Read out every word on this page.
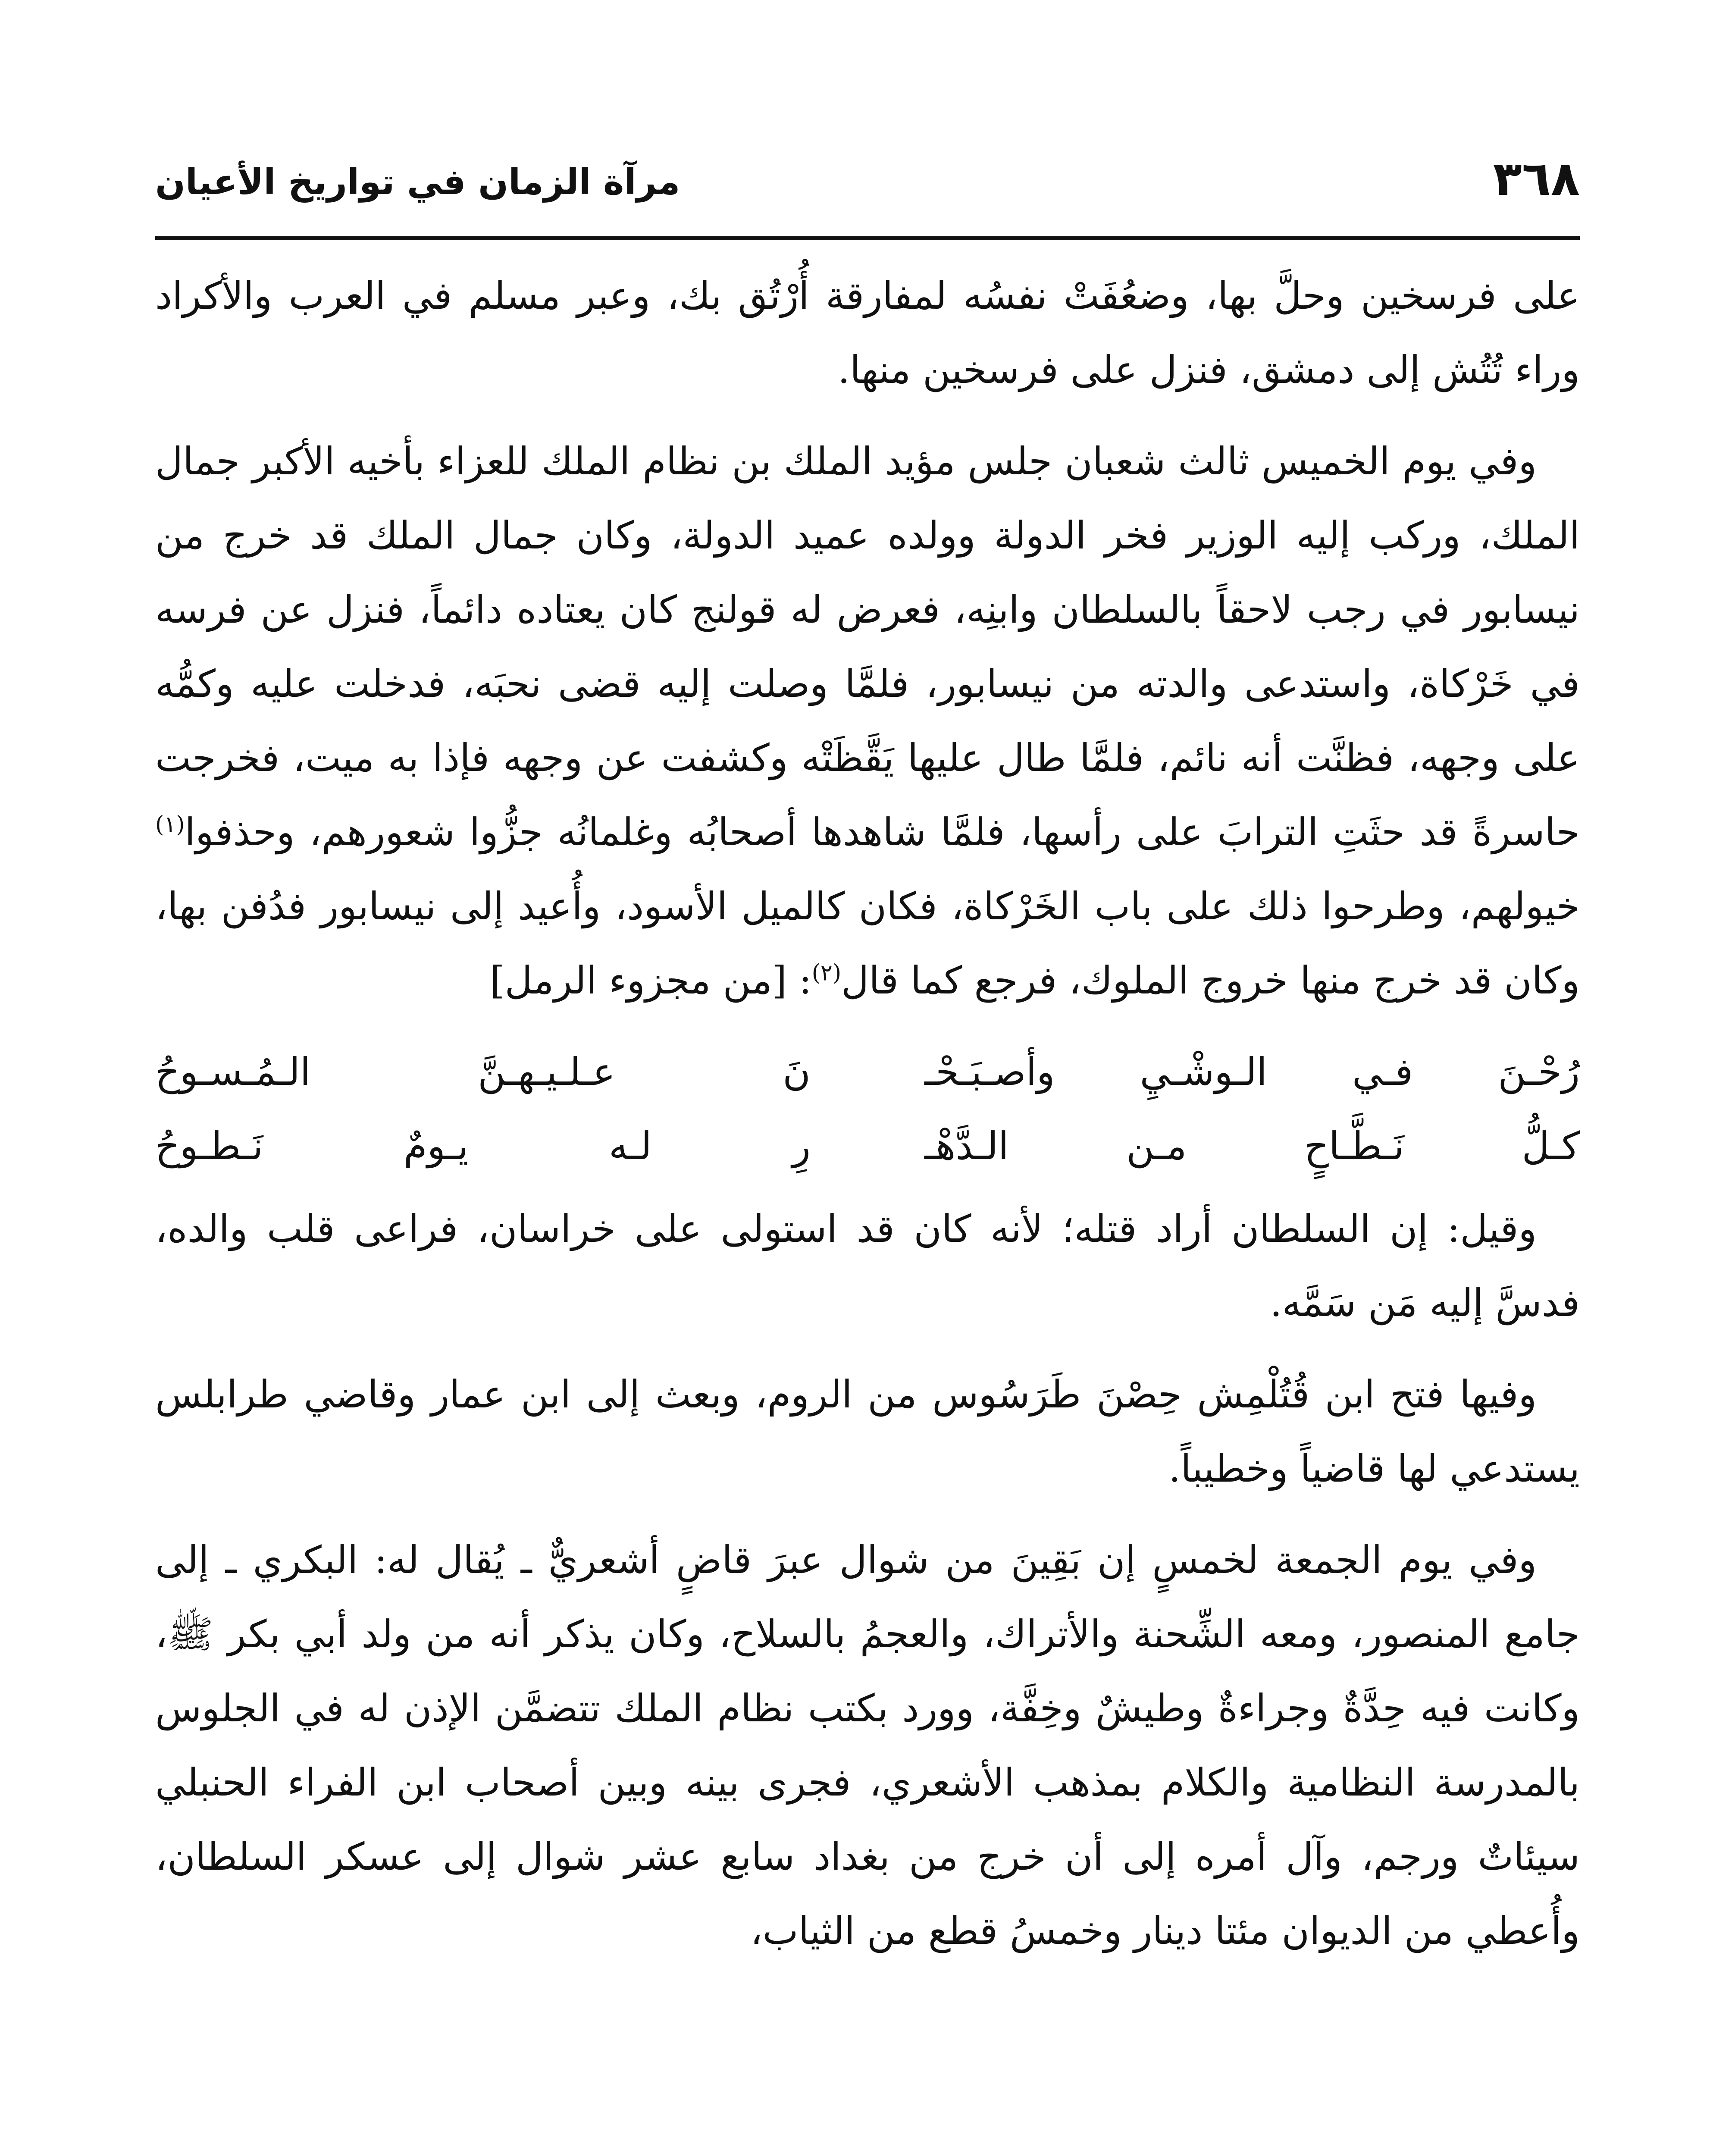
٣٦٨
مرآة الزمان في تواريخ الأعيان

على فرسخين وحلَّ بها، وضعُفَتْ نفسُه لمفارقة أُرْتُق بك، وعبر مسلم في العرب والأكراد وراء تُتُش إلى دمشق، فنزل على فرسخين منها.

وفي يوم الخميس ثالث شعبان جلس مؤيد الملك بن نظام الملك للعزاء بأخيه الأكبر جمال الملك، وركب إليه الوزير فخر الدولة وولده عميد الدولة، وكان جمال الملك قد خرج من نيسابور في رجب لاحقاً بالسلطان وابنِه، فعرض له قولنج كان يعتاده دائماً، فنزل عن فرسه في خَرْكاة، واستدعى والدته من نيسابور، فلمَّا وصلت إليه قضى نحبَه، فدخلت عليه وكمُّه على وجهه، فظنَّت أنه نائم، فلمَّا طال عليها يَقَّظَتْه وكشفت عن وجهه فإذا به ميت، فخرجت حاسرةً قد حثَتِ الترابَ على رأسها، فلمَّا شاهدها أصحابُه وغلمانُه جزُّوا شعورهم، وحذفوا$^{(١)}$ خيولهم، وطرحوا ذلك على باب الخَرْكاة، فكان كالميل الأسود، وأُعيد إلى نيسابور فدُفن بها، وكان قد خرج منها خروج الملوك، فرجع كما قال$^{(٢)}$: [من مجزوء الرمل]

رُحْـنَ فـي الـوشْـيِ وأصـبَـحْـ
نَ عـلـيـهـنَّ الـمُـسـوحُ
كـلُّ نَـطَّـاحٍ مـن الـدَّهْـ
رِ لـه يـومٌ نَـطـوحُ

وقيل: إن السلطان أراد قتله؛ لأنه كان قد استولى على خراسان، فراعى قلب والده، فدسَّ إليه مَن سَمَّه.

وفيها فتح ابن قُتُلْمِش حِصْنَ طَرَسُوس من الروم، وبعث إلى ابن عمار وقاضي طرابلس يستدعي لها قاضياً وخطيباً.

وفي يوم الجمعة لخمسٍ إن بَقِينَ من شوال عبرَ قاضٍ أشعريٌّ ـ يُقال له: البكري ـ إلى جامع المنصور، ومعه الشِّحنة والأتراك، والعجمُ بالسلاح، وكان يذكر أنه من ولد أبي بكر ﷺ، وكانت فيه حِدَّةٌ وجراءةٌ وطيشٌ وخِفَّة، وورد بكتب نظام الملك تتضمَّن الإذن له في الجلوس بالمدرسة النظامية والكلام بمذهب الأشعري، فجرى بينه وبين أصحاب ابن الفراء الحنبلي سيئاتٌ ورجم، وآل أمره إلى أن خرج من بغداد سابع عشر شوال إلى عسكر السلطان، وأُعطي من الديوان مئتا دينار وخمسُ قطع من الثياب،
